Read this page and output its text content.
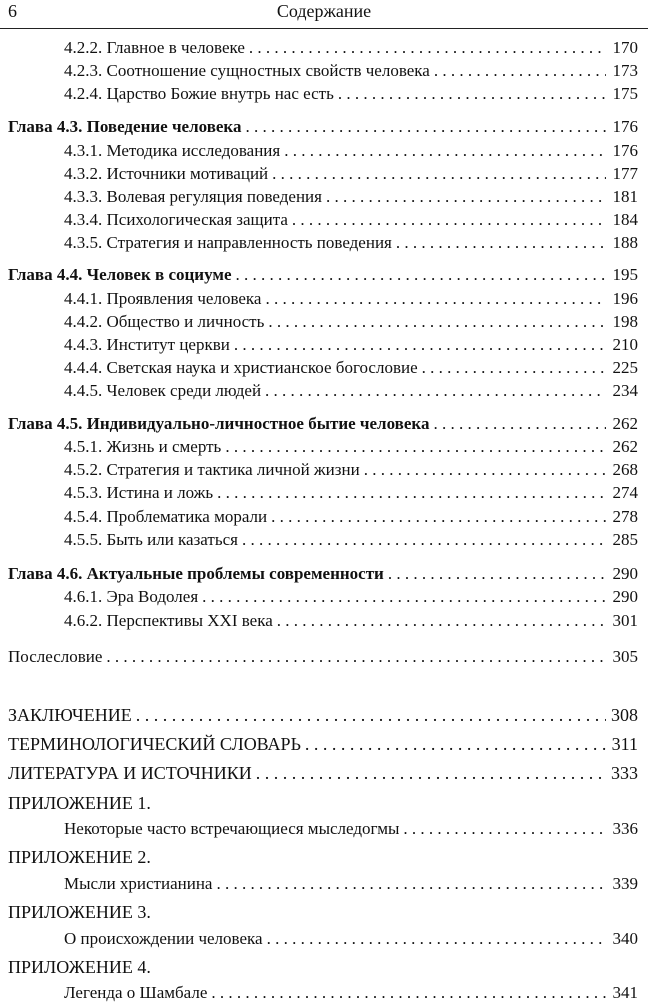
6	Содержание
4.2.2. Главное в человеке . . .	170
4.2.3. Соотношение сущностных свойств человека . . .	173
4.2.4. Царство Божие внутрь нас есть . . .	175
Глава 4.3. Поведение человека . . .	176
4.3.1. Методика исследования . . .	176
4.3.2. Источники мотиваций . . .	177
4.3.3. Волевая регуляция поведения . . .	181
4.3.4. Психологическая защита . . .	184
4.3.5. Стратегия и направленность поведения . . .	188
Глава 4.4. Человек в социуме . . .	195
4.4.1. Проявления человека . . .	196
4.4.2. Общество и личность . . .	198
4.4.3. Институт церкви . . .	210
4.4.4. Светская наука и христианское богословие . . .	225
4.4.5. Человек среди людей . . .	234
Глава 4.5. Индивидуально-личностное бытие человека . . .	262
4.5.1. Жизнь и смерть . . .	262
4.5.2. Стратегия и тактика личной жизни . . .	268
4.5.3. Истина и ложь . . .	274
4.5.4. Проблематика морали . . .	278
4.5.5. Быть или казаться . . .	285
Глава 4.6. Актуальные проблемы современности . . .	290
4.6.1. Эра Водолея . . .	290
4.6.2. Перспективы XXI века . . .	301
Послесловие . . .	305
ЗАКЛЮЧЕНИЕ . . .	308
ТЕРМИНОЛОГИЧЕСКИЙ СЛОВАРЬ . . .	311
ЛИТЕРАТУРА И ИСТОЧНИКИ . . .	333
ПРИЛОЖЕНИЕ 1.
Некоторые часто встречающиеся мыследогмы . . .	336
ПРИЛОЖЕНИЕ 2.
Мысли христианина . . .	339
ПРИЛОЖЕНИЕ 3.
О происхождении человека . . .	340
ПРИЛОЖЕНИЕ 4.
Легенда о Шамбале . . .	341
